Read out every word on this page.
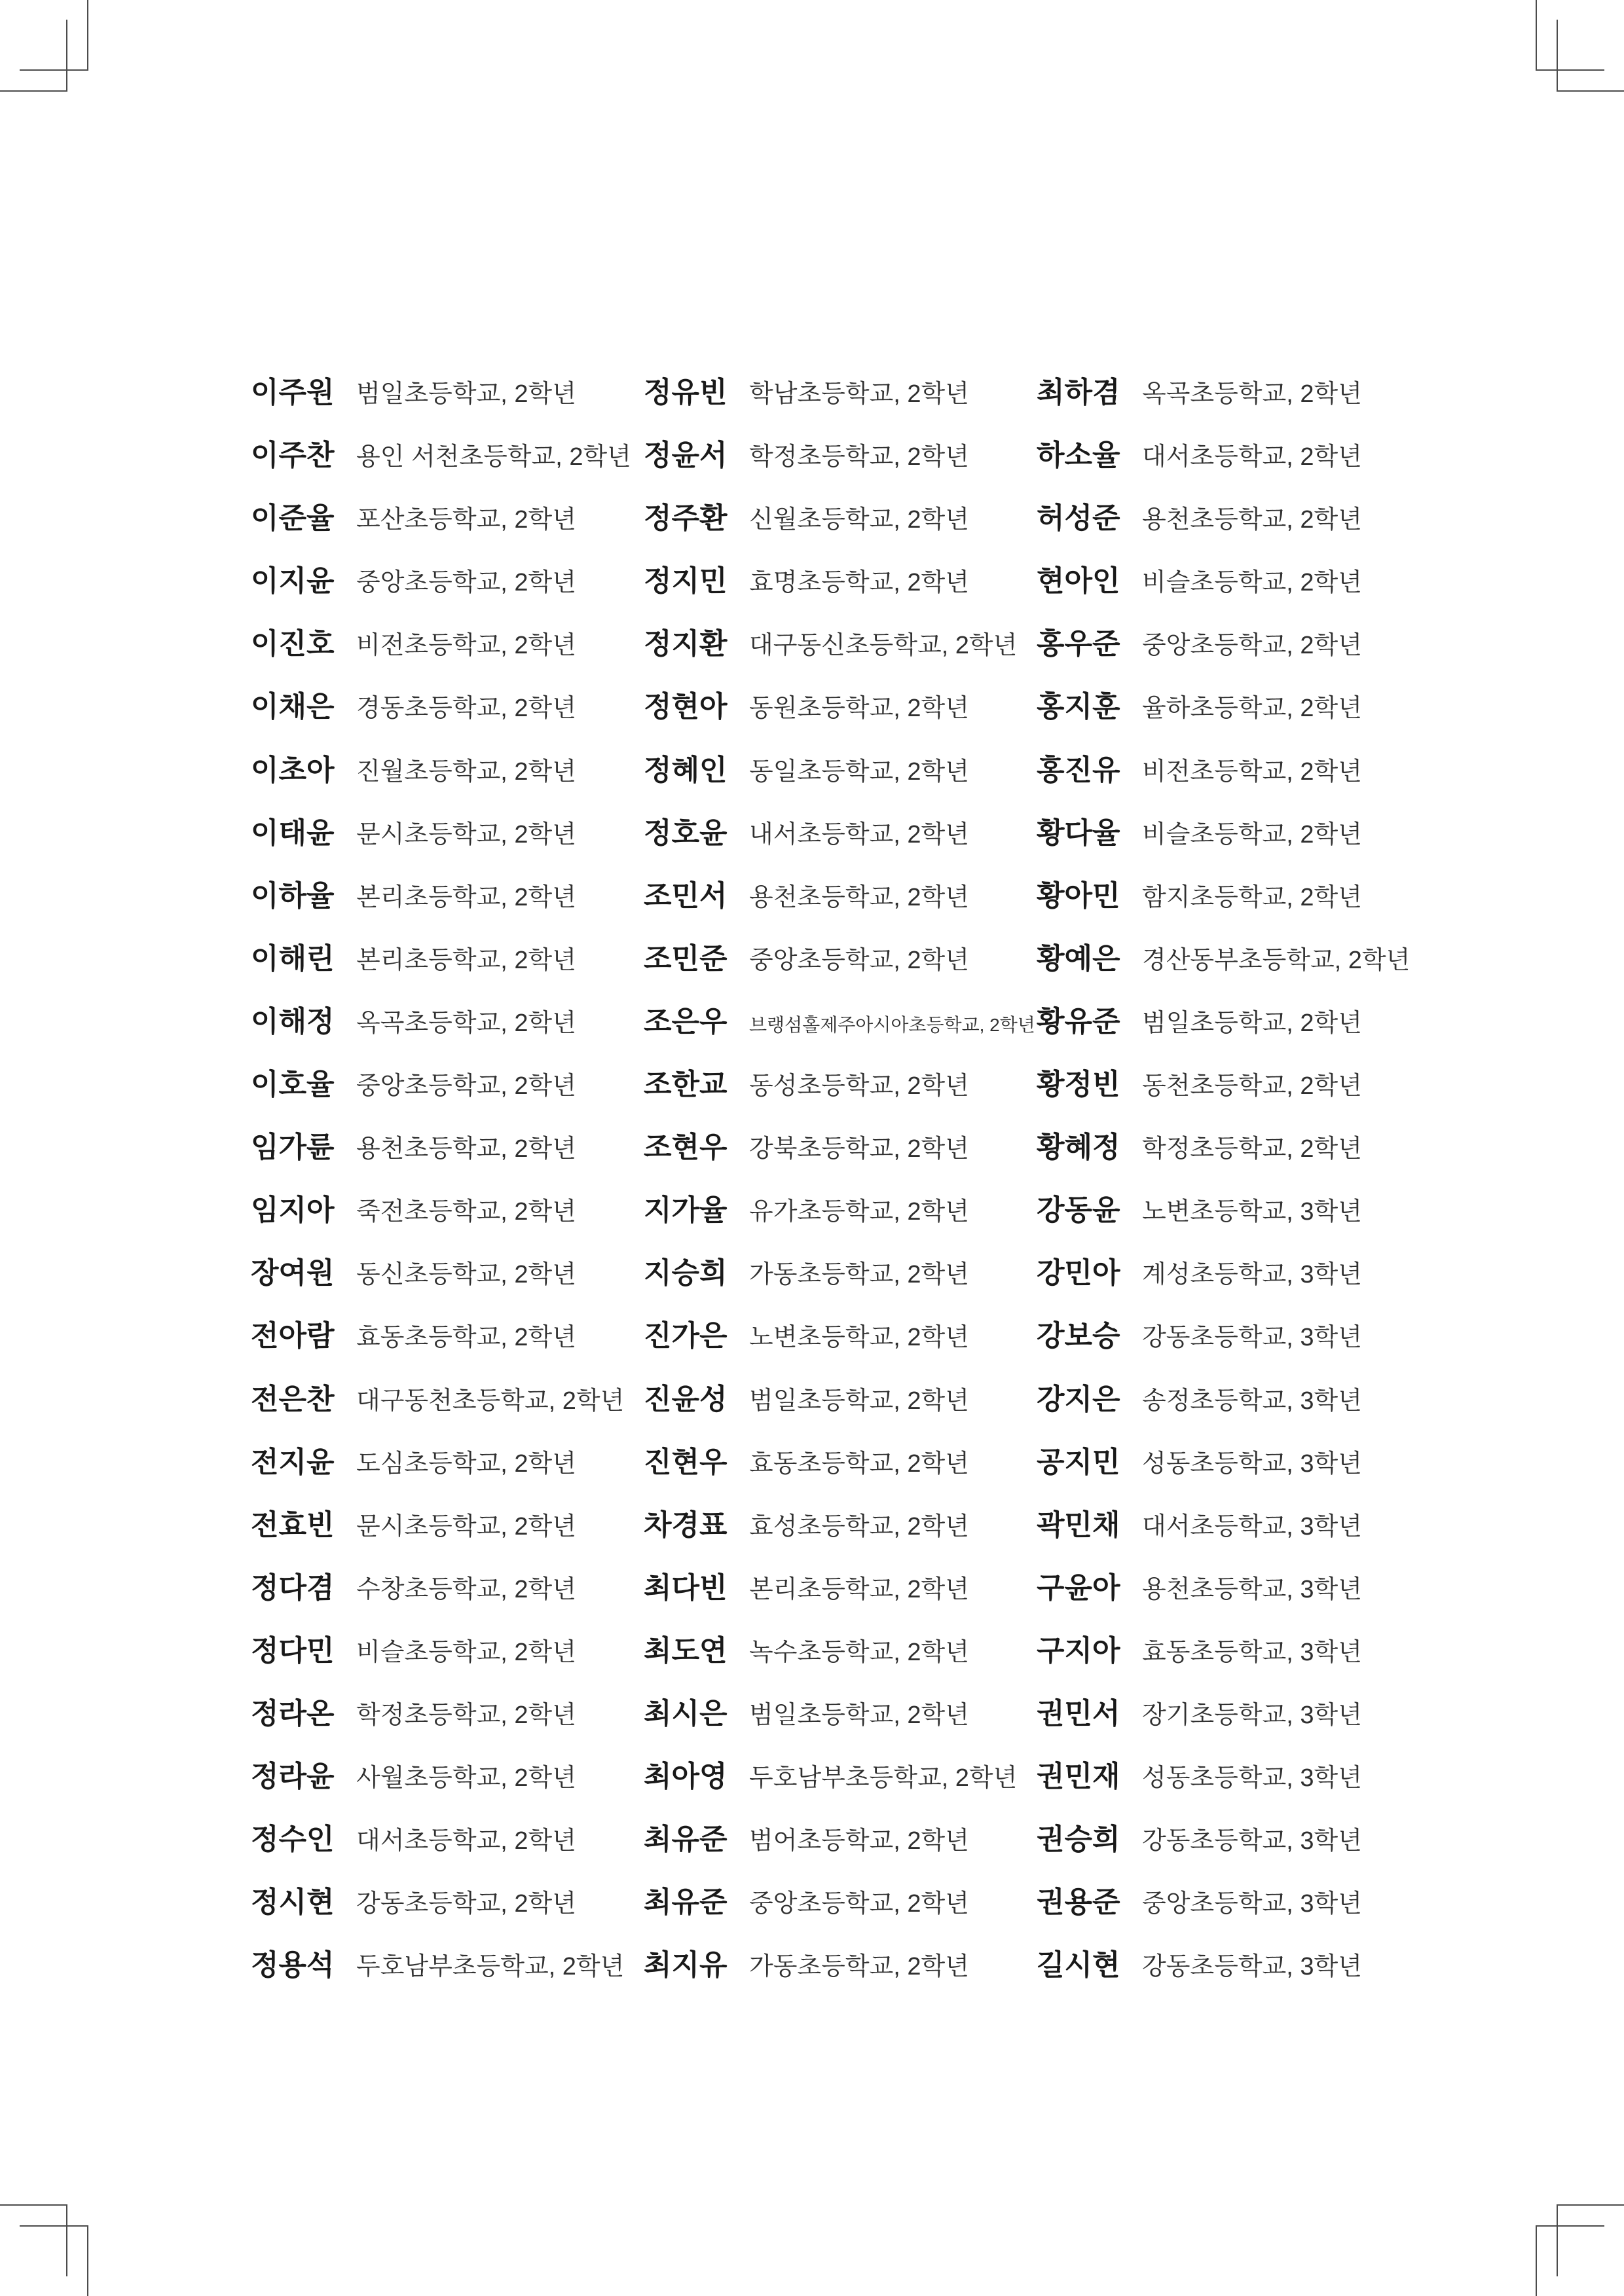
이주원 범일초등학교, 2학년
이주찬 용인 서천초등학교, 2학년
이준율 포산초등학교, 2학년
이지윤 중앙초등학교, 2학년
이진호 비전초등학교, 2학년
이채은 경동초등학교, 2학년
이초아 진월초등학교, 2학년
이태윤 문시초등학교, 2학년
이하율 본리초등학교, 2학년
이해린 본리초등학교, 2학년
이해정 옥곡초등학교, 2학년
이호율 중앙초등학교, 2학년
임가륜 용천초등학교, 2학년
임지아 죽전초등학교, 2학년
장여원 동신초등학교, 2학년
전아람 효동초등학교, 2학년
전은찬 대구동천초등학교, 2학년
전지윤 도심초등학교, 2학년
전효빈 문시초등학교, 2학년
정다겸 수창초등학교, 2학년
정다민 비슬초등학교, 2학년
정라온 학정초등학교, 2학년
정라윤 사월초등학교, 2학년
정수인 대서초등학교, 2학년
정시현 강동초등학교, 2학년
정용석 두호남부초등학교, 2학년
정유빈 학남초등학교, 2학년
정윤서 학정초등학교, 2학년
정주환 신월초등학교, 2학년
정지민 효명초등학교, 2학년
정지환 대구동신초등학교, 2학년
정현아 동원초등학교, 2학년
정혜인 동일초등학교, 2학년
정호윤 내서초등학교, 2학년
조민서 용천초등학교, 2학년
조민준 중앙초등학교, 2학년
조은우	브랭섬홀제주아시아초등학교, 2학년
조한교 동성초등학교, 2학년
조현우 강북초등학교, 2학년
지가율 유가초등학교, 2학년
지승희 가동초등학교, 2학년
진가은 노변초등학교, 2학년
진윤성 범일초등학교, 2학년
진현우 효동초등학교, 2학년
차경표 효성초등학교, 2학년
최다빈 본리초등학교, 2학년
최도연 녹수초등학교, 2학년
최시은 범일초등학교, 2학년
최아영 두호남부초등학교, 2학년
최유준 범어초등학교, 2학년
최유준 중앙초등학교, 2학년
최지유 가동초등학교, 2학년
최하겸 옥곡초등학교, 2학년
하소율 대서초등학교, 2학년
허성준 용천초등학교, 2학년
현아인 비슬초등학교, 2학년
홍우준 중앙초등학교, 2학년
홍지훈 율하초등학교, 2학년
홍진유 비전초등학교, 2학년
황다율 비슬초등학교, 2학년
황아민 함지초등학교, 2학년
황예은 경산동부초등학교, 2학년
황유준 범일초등학교, 2학년
황정빈 동천초등학교, 2학년
황혜정 학정초등학교, 2학년
강동윤 노변초등학교, 3학년
강민아 계성초등학교, 3학년
강보승 강동초등학교, 3학년
강지은 송정초등학교, 3학년
공지민 성동초등학교, 3학년
곽민채 대서초등학교, 3학년
구윤아 용천초등학교, 3학년
구지아 효동초등학교, 3학년
권민서 장기초등학교, 3학년
권민재 성동초등학교, 3학년
권승희 강동초등학교, 3학년
권용준 중앙초등학교, 3학년
길시현 강동초등학교, 3학년
